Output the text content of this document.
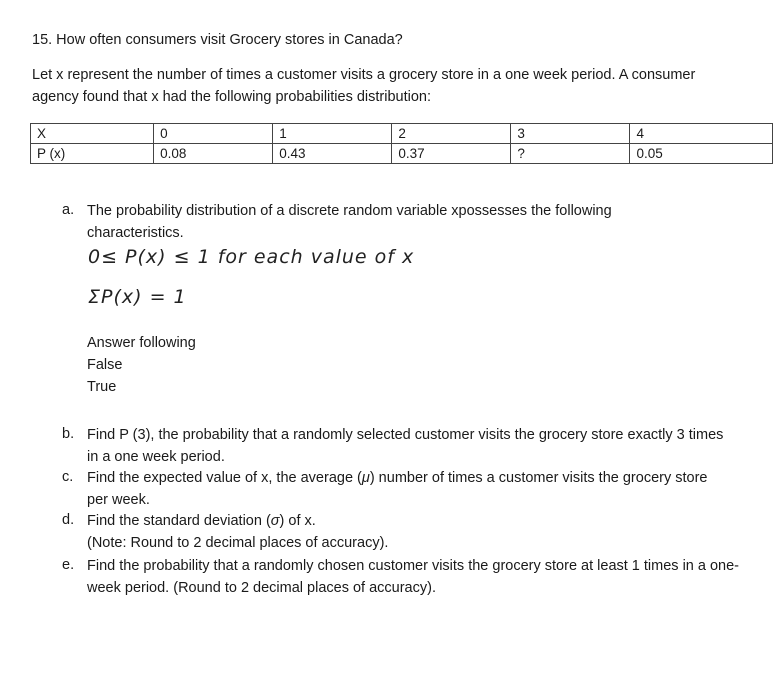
15. How often consumers visit Grocery stores in Canada?
Let x represent the number of times a customer visits a grocery store in a one week period. A consumer
agency found that x had the following probabilities distribution:
X	0	1	2	3	4
P (x)	0.08	0.43	0.37	?	0.05
a. The probability distribution of a discrete random variable xpossesses the following characteristics.
0≤ P(x) ≤ 1 for each value of x
ΣP(x) = 1
Answer following
False
True
b. Find P (3), the probability that a randomly selected customer visits the grocery store exactly 3 times in a one week period.
c. Find the expected value of x, the average (μ) number of times a customer visits the grocery store per week.
d. Find the standard deviation (σ) of x.
(Note: Round to 2 decimal places of accuracy).
e. Find the probability that a randomly chosen customer visits the grocery store at least 1 times in a one-week period. (Round to 2 decimal places of accuracy).
